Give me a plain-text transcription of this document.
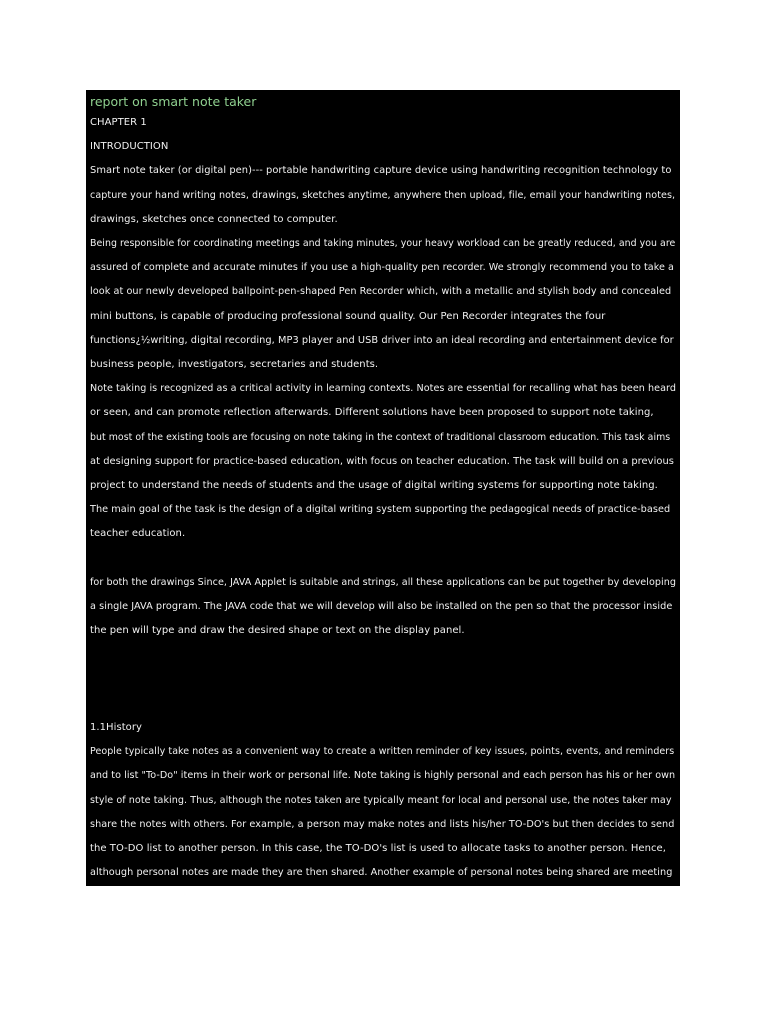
report on smart note taker
CHAPTER 1
INTRODUCTION
Smart note taker (or digital pen)--- portable handwriting capture device using handwriting recognition technology to
capture your hand writing notes, drawings, sketches anytime, anywhere then upload, file, email your handwriting notes,
drawings, sketches once connected to computer.
Being responsible for coordinating meetings and taking minutes, your heavy workload can be greatly reduced, and you are
assured of complete and accurate minutes if you use a high-quality pen recorder. We strongly recommend you to take a
look at our newly developed ballpoint-pen-shaped Pen Recorder which, with a metallic and stylish body and concealed
mini buttons, is capable of producing professional sound quality. Our Pen Recorder integrates the four
functions¿½writing, digital recording, MP3 player and USB driver into an ideal recording and entertainment device for
business people, investigators, secretaries and students.
Note taking is recognized as a critical activity in learning contexts. Notes are essential for recalling what has been heard
or seen, and can promote reflection afterwards. Different solutions have been proposed to support note taking,
but most of the existing tools are focusing on note taking in the context of traditional classroom education. This task aims
at designing support for practice-based education, with focus on teacher education. The task will build on a previous
project to understand the needs of students and the usage of digital writing systems for supporting note taking.
The main goal of the task is the design of a digital writing system supporting the pedagogical needs of practice-based
teacher education.
for both the drawings Since, JAVA Applet is suitable and strings, all these applications can be put together by developing
a single JAVA program. The JAVA code that we will develop will also be installed on the pen so that the processor inside
the pen will type and draw the desired shape or text on the display panel.
1.1History
People typically take notes as a convenient way to create a written reminder of key issues, points, events, and reminders
and to list "To-Do" items in their work or personal life. Note taking is highly personal and each person has his or her own
style of note taking. Thus, although the notes taken are typically meant for local and personal use, the notes taker may
share the notes with others. For example, a person may make notes and lists his/her TO-DO's but then decides to send
the TO-DO list to another person. In this case, the TO-DO's list is used to allocate tasks to another person. Hence,
although personal notes are made they are then shared. Another example of personal notes being shared are meeting
